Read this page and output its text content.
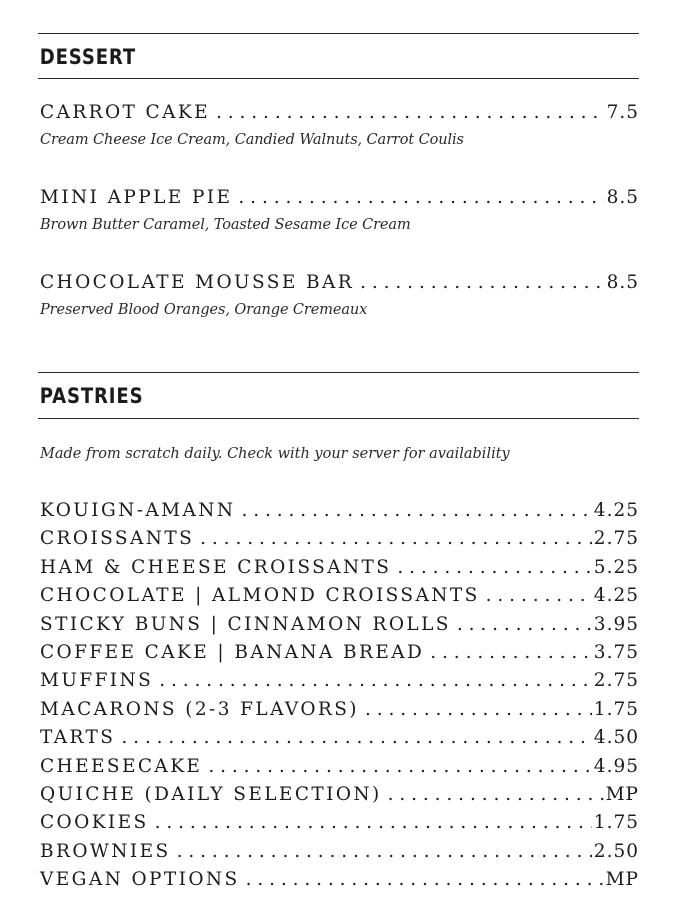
DESSERT
CARROT CAKE . . .	7.5
Cream Cheese Ice Cream, Candied Walnuts, Carrot Coulis
MINI APPLE PIE . . .	8.5
Brown Butter Caramel, Toasted Sesame Ice Cream
CHOCOLATE MOUSSE BAR . . .	8.5
Preserved Blood Oranges, Orange Cremeaux
PASTRIES
Made from scratch daily. Check with your server for availability
KOUIGN-AMANN . . .	4.25
CROISSANTS . . .	2.75
HAM & CHEESE CROISSANTS . . .	5.25
CHOCOLATE | ALMOND CROISSANTS . . .	4.25
STICKY BUNS | CINNAMON ROLLS . . .	3.95
COFFEE CAKE | BANANA BREAD . . .	3.75
MUFFINS . . .	2.75
MACARONS (2-3 FLAVORS) . . .	1.75
TARTS . . .	4.50
CHEESECAKE . . .	4.95
QUICHE (DAILY SELECTION) . . .	MP
COOKIES . . .	1.75
BROWNIES . . .	2.50
VEGAN OPTIONS . . .	MP
